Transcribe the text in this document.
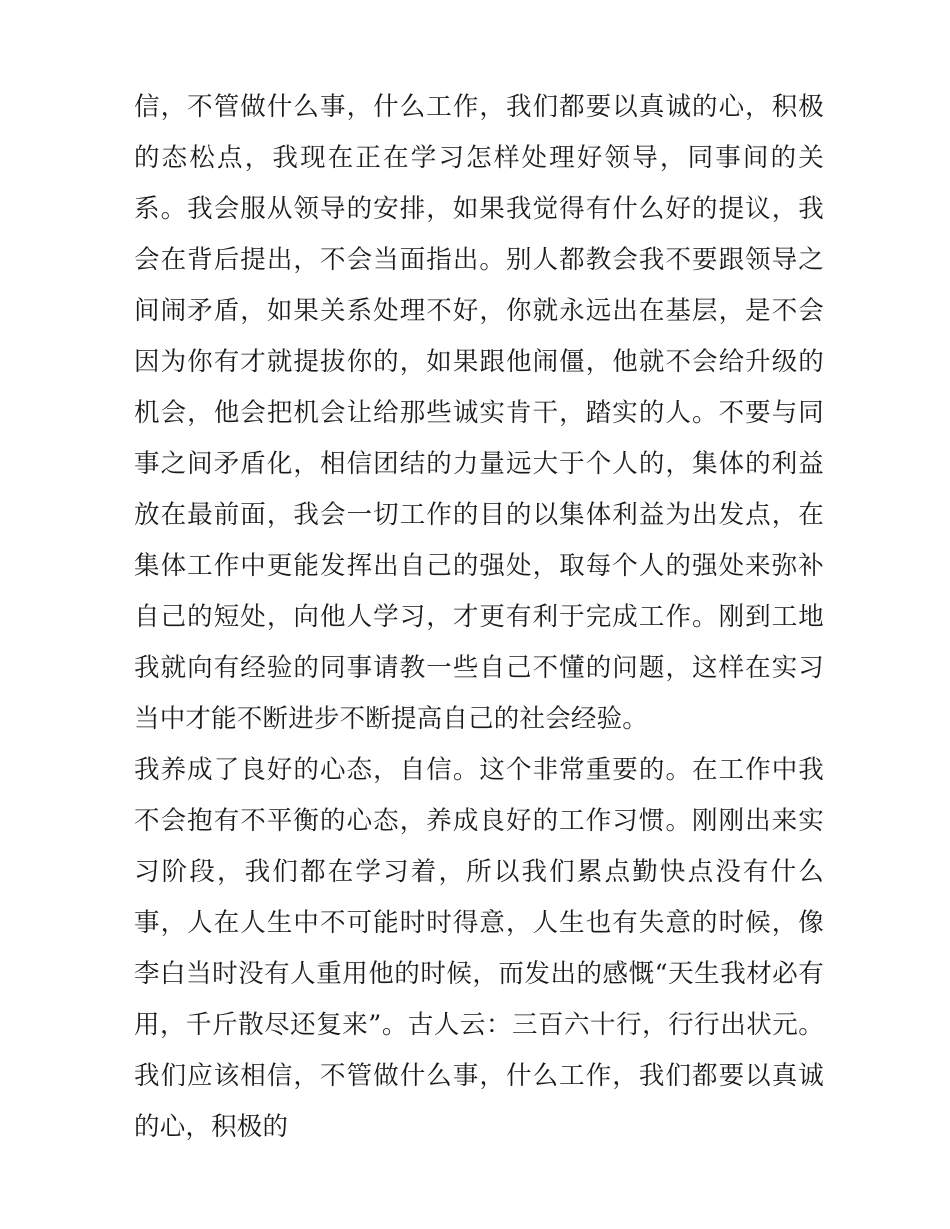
信，不管做什么事，什么工作，我们都要以真诚的心，积极的态松点，我现在正在学习怎样处理好领导，同事间的关系。我会服从领导的安排，如果我觉得有什么好的提议，我会在背后提出，不会当面指出。别人都教会我不要跟领导之间闹矛盾，如果关系处理不好，你就永远出在基层，是不会因为你有才就提拔你的，如果跟他闹僵，他就不会给升级的机会，他会把机会让给那些诚实肯干，踏实的人。不要与同事之间矛盾化，相信团结的力量远大于个人的，集体的利益放在最前面，我会一切工作的目的以集体利益为出发点，在集体工作中更能发挥出自己的强处，取每个人的强处来弥补自己的短处，向他人学习，才更有利于完成工作。刚到工地我就向有经验的同事请教一些自己不懂的问题，这样在实习当中才能不断进步不断提高自己的社会经验。

我养成了良好的心态，自信。这个非常重要的。在工作中我不会抱有不平衡的心态，养成良好的工作习惯。刚刚出来实习阶段，我们都在学习着，所以我们累点勤快点没有什么事，人在人生中不可能时时得意，人生也有失意的时候，像李白当时没有人重用他的时候，而发出的感慨“天生我材必有用，千斤散尽还复来”。古人云：三百六十行，行行出状元。我们应该相信，不管做什么事，什么工作，我们都要以真诚的心，积极的
